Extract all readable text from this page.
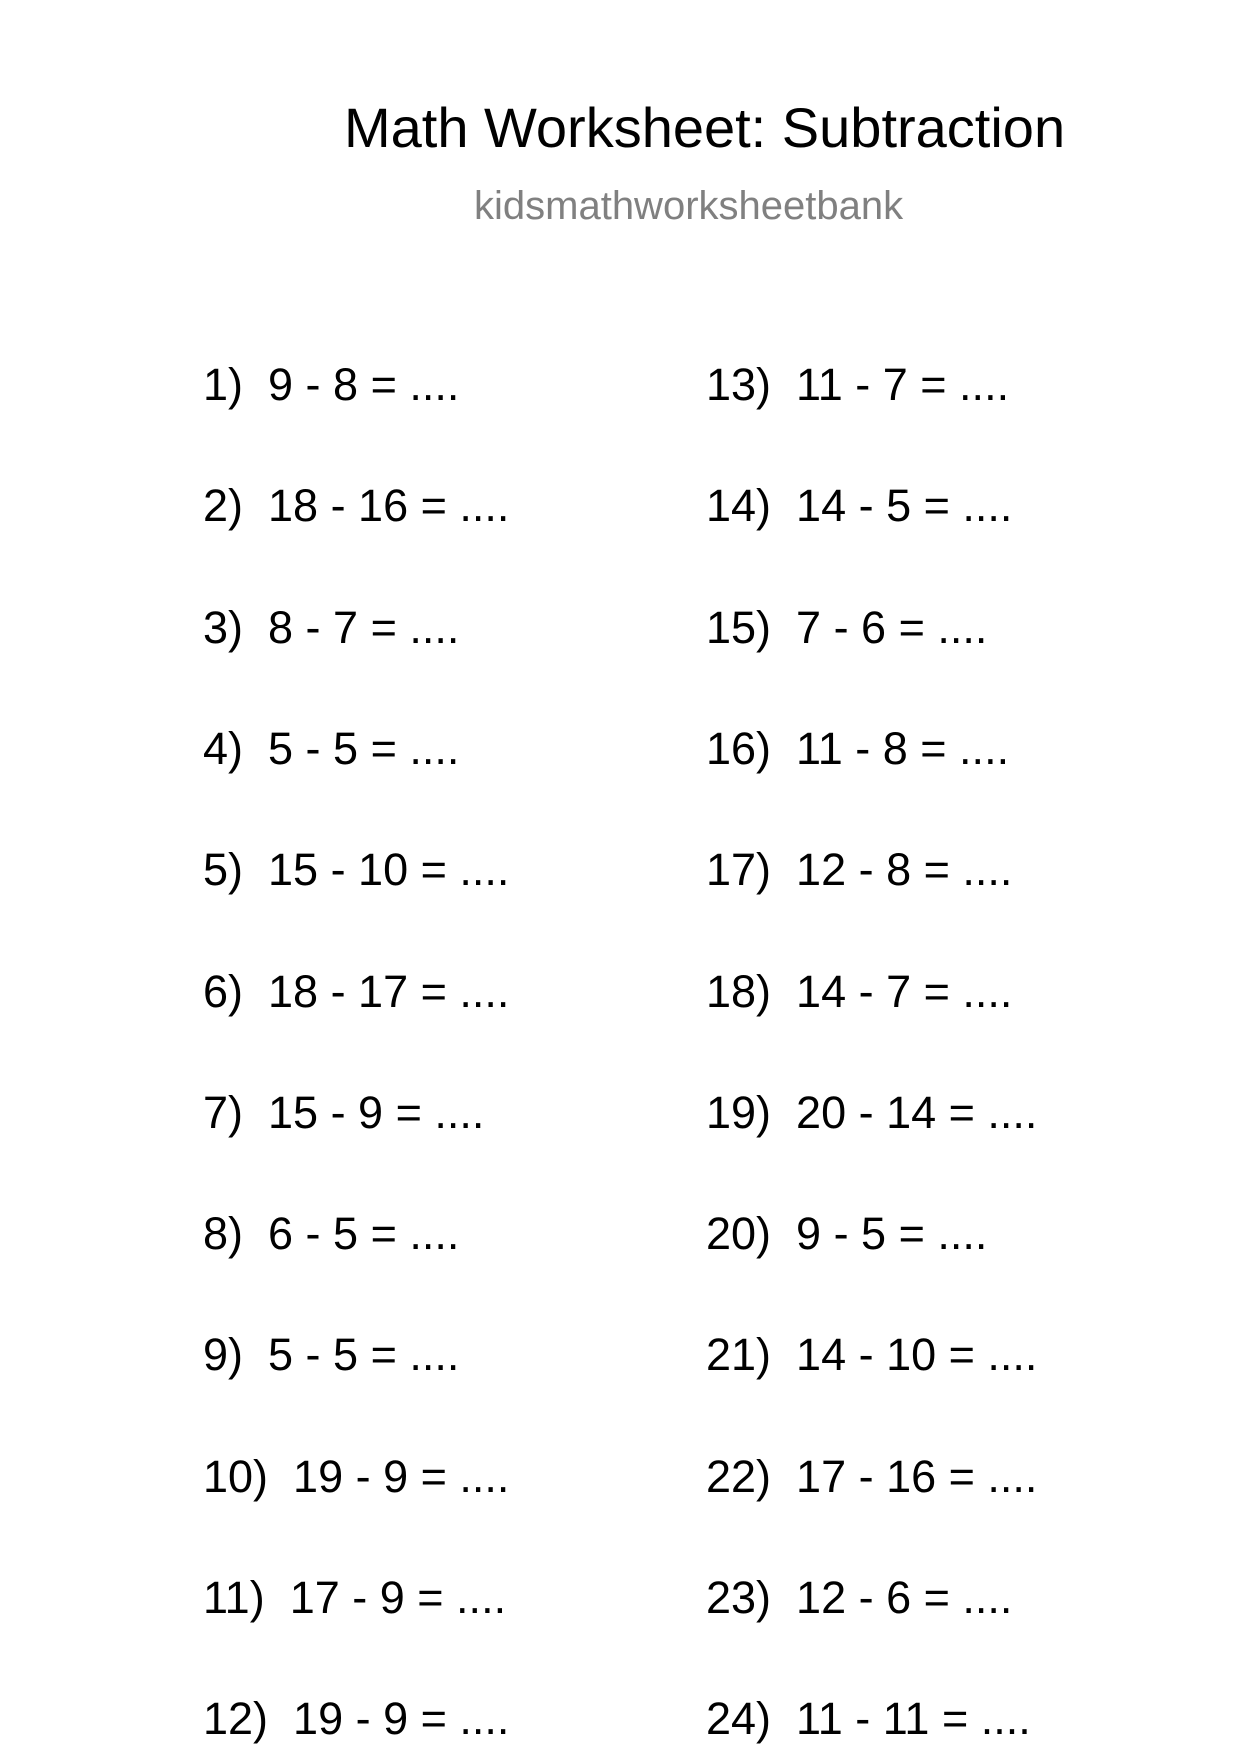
Math Worksheet: Subtraction
kidsmathworksheetbank
1)  9 - 8 = ....
2)  18 - 16 = ....
3)  8 - 7 = ....
4)  5 - 5 = ....
5)  15 - 10 = ....
6)  18 - 17 = ....
7)  15 - 9 = ....
8)  6 - 5 = ....
9)  5 - 5 = ....
10)  19 - 9 = ....
11)  17 - 9 = ....
12)  19 - 9 = ....
13)  11 - 7 = ....
14)  14 - 5 = ....
15)  7 - 6 = ....
16)  11 - 8 = ....
17)  12 - 8 = ....
18)  14 - 7 = ....
19)  20 - 14 = ....
20)  9 - 5 = ....
21)  14 - 10 = ....
22)  17 - 16 = ....
23)  12 - 6 = ....
24)  11 - 11 = ....
